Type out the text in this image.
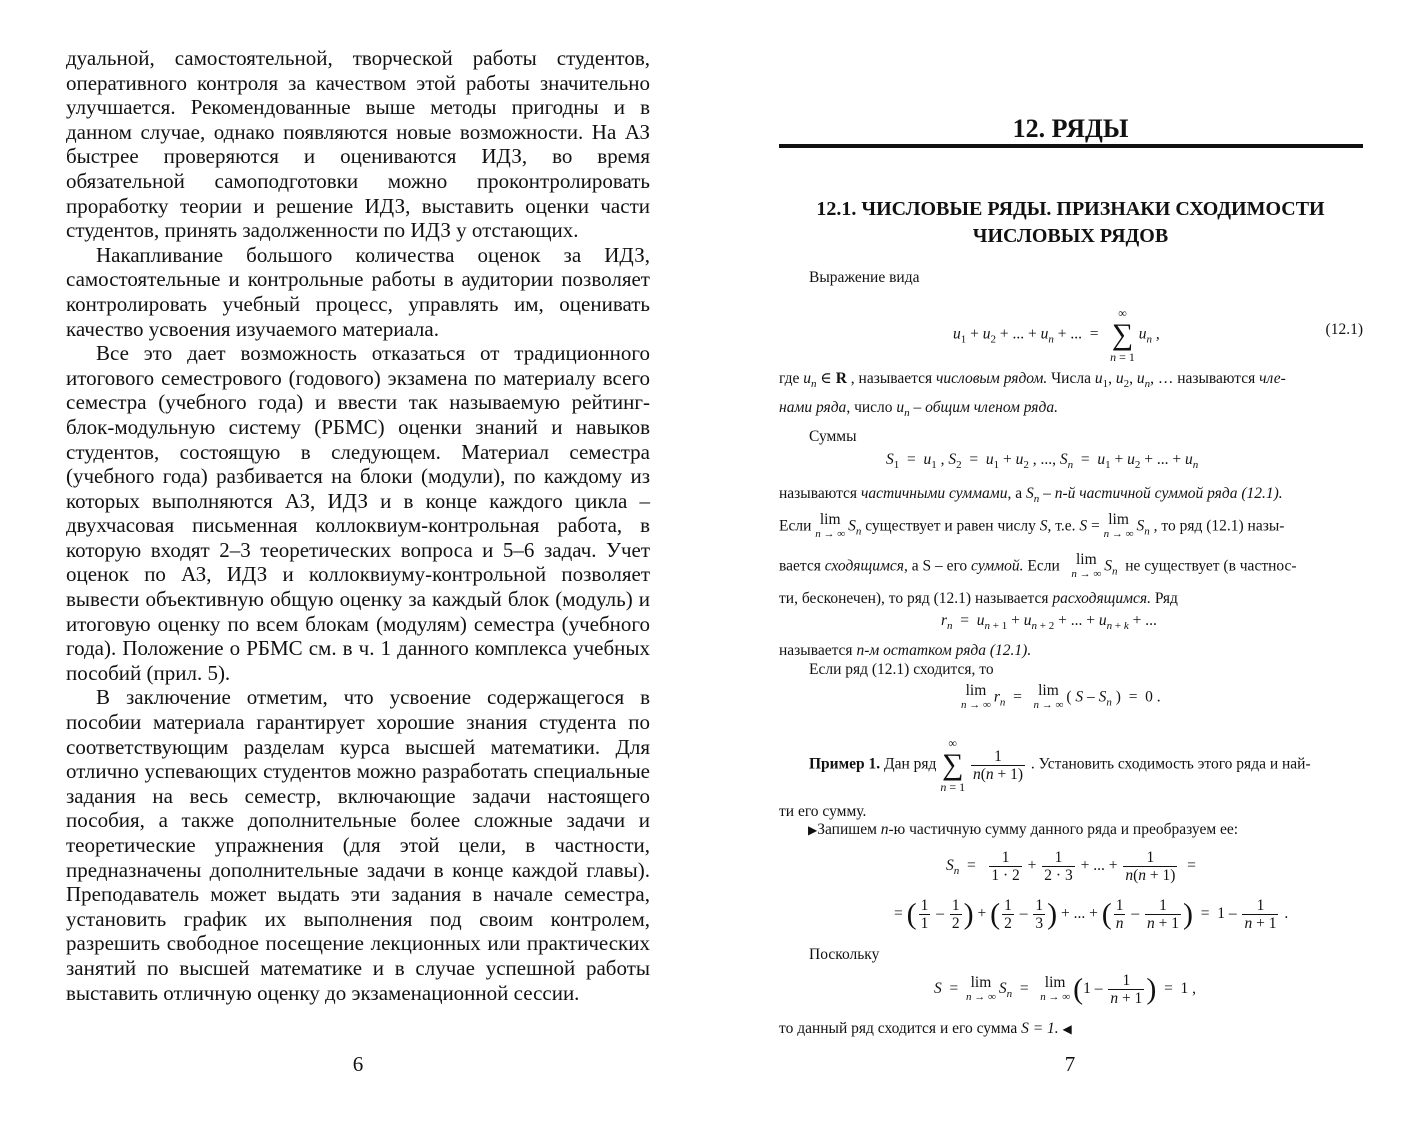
дуальной, самостоятельной, творческой работы студентов, оперативного контроля за качеством этой работы значительно улучшается. Рекомендованные выше методы пригодны и в данном случае, однако появляются новые возможности. На АЗ быстрее проверяются и оцениваются ИДЗ, во время обязательной самоподготовки можно проконтролировать проработку теории и решение ИДЗ, выставить оценки части студентов, принять задолженности по ИДЗ у отстающих.

Накапливание большого количества оценок за ИДЗ, самостоятельные и контрольные работы в аудитории позволяет контролировать учебный процесс, управлять им, оценивать качество усвоения изучаемого материала.

Все это дает возможность отказаться от традиционного итогового семестрового (годового) экзамена по материалу всего семестра (учебного года) и ввести так называемую рейтинг-блок-модульную систему (РБМС) оценки знаний и навыков студентов, состоящую в следующем. Материал семестра (учебного года) разбивается на блоки (модули), по каждому из которых выполняются АЗ, ИДЗ и в конце каждого цикла – двухчасовая письменная коллоквиум-контрольная работа, в которую входят 2–3 теоретических вопроса и 5–6 задач. Учет оценок по АЗ, ИДЗ и коллоквиуму-контрольной позволяет вывести объективную общую оценку за каждый блок (модуль) и итоговую оценку по всем блокам (модулям) семестра (учебного года). Положение о РБМС см. в ч. 1 данного комплекса учебных пособий (прил. 5).

В заключение отметим, что усвоение содержащегося в пособии материала гарантирует хорошие знания студента по соответствующим разделам курса высшей математики. Для отлично успевающих студентов можно разработать специальные задания на весь семестр, включающие задачи настоящего пособия, а также дополнительные более сложные задачи и теоретические упражнения (для этой цели, в частности, предназначены дополнительные задачи в конце каждой главы). Преподаватель может выдать эти задания в начале семестра, установить график их выполнения под своим контролем, разрешить свободное посещение лекционных или практических занятий по высшей математике и в случае успешной работы выставить отличную оценку до экзаменационной сессии.

6
12. РЯДЫ
12.1. ЧИСЛОВЫЕ РЯДЫ. ПРИЗНАКИ СХОДИМОСТИ
ЧИСЛОВЫХ РЯДОВ
Выражение вида
$u_1 + u_2$ + ... + $u_n$ + ...  =
∞
∑
n = 1
$u_n$ ,	(12.1)
где $u_n$ ∈ R , называется числовым рядом. Числа $u_1$, $u_2$, $u_n$, … называются чле-
нами ряда, число $u_n$ – общим членом ряда.
Суммы
$S_1 = u_1$ , $S_2 = u_1 + u_2$ , ..., $S_n = u_1 + u_2$ + ... + $u_n$
называются частичными суммами, а $S_n - n-й$ частичной суммой ряда (12.1).
Если lim
n → ∞ $S_n$ существует и равен числу S, т.е. S = lim
n → ∞ $S_n$ , то ряд (12.1) назы-
вается сходящимся, а S – его суммой. Если lim
n → ∞ $S_n$ не существует (в частнос-
ти, бесконечен), то ряд (12.1) называется расходящимся. Ряд
$r_n = u_{n + 1} + u_{n + 2}$ + ... + $u_{n + k}$ + ...
называется n-м остатком ряда (12.1).
Если ряд (12.1) сходится, то
lim
n → ∞ $r_n = \lim$
n → ∞ ( S – $S_n$ )  =  0 .
Пример 1. Дан ряд
∞
∑
n = 1

$\frac{1}{n(n + 1)}$ . Установить сходимость этого ряда и най-
ти его сумму.
▶Запишем n-ю частичную сумму данного ряда и преобразуем ее:
$S_n = \frac{1}{1 \cdot 2} + \frac{1}{2 \cdot 3}$ + ... + $\frac{1}{n(n + 1)}$ =
= ( $\frac{1}{1} - \frac{1}{2}$ ) + ( $\frac{1}{2} - \frac{1}{3}$ ) + ... + ( $\frac{1}{n} - \frac{1}{n + 1}$ )  =  $1 - \frac{1}{n + 1}$ .
Поскольку
S  =  lim
n → ∞ $S_n = \lim$
n → ∞ ($1 - \frac{1}{n + 1}$ )  =  1 ,
то данный ряд сходится и его сумма S = 1. ◀
7
